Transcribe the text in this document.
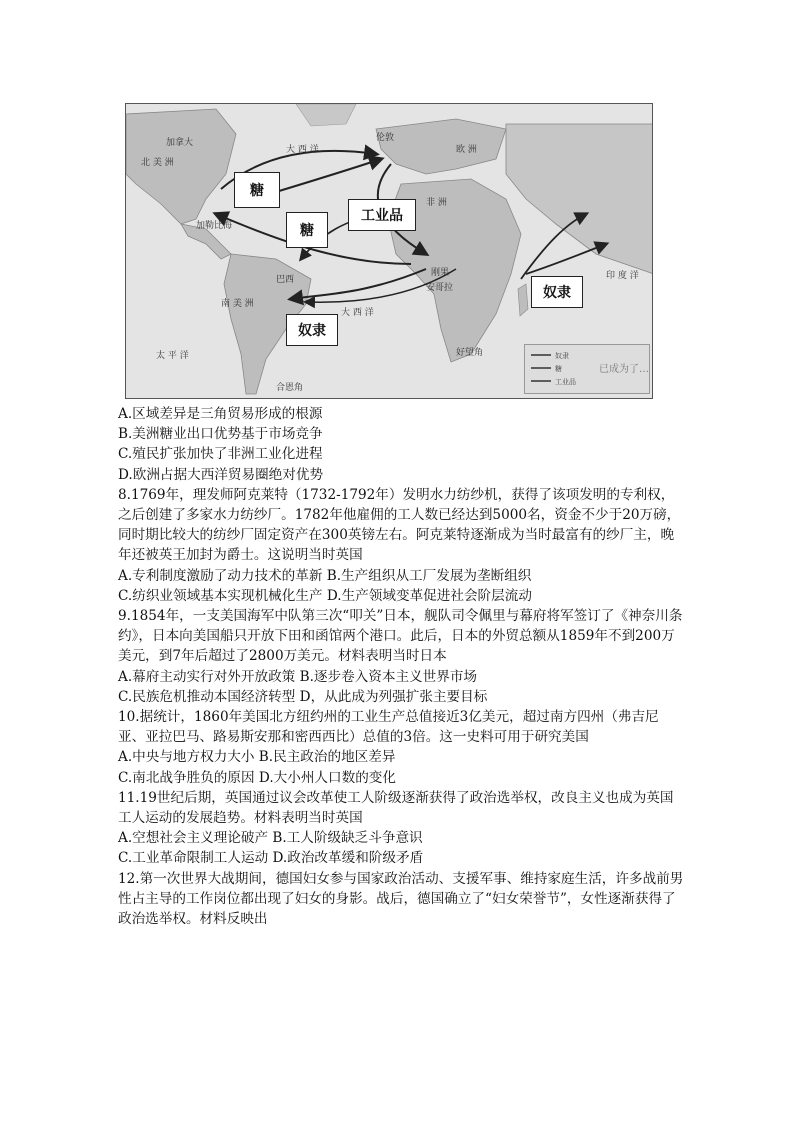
糖
糖
工业品
奴隶
奴隶
加拿大
北 美 洲
大 西 洋
伦敦
欧 洲
非 洲
加勒比海
南 美 洲
巴西
太 平 洋
大 西 洋
安哥拉
刚果	印 度 洋
好望角
合恩角
已成为了…
奴隶
糖
工业品

A.区域差异是三角贸易形成的根源

B.美洲糖业出口优势基于市场竞争

C.殖民扩张加快了非洲工业化进程

D.欧洲占据大西洋贸易圈绝对优势

8.1769年，理发师阿克莱特（1732-1792年）发明水力纺纱机，获得了该项发明的专利权，之后创建了多家水力纺纱厂。1782年他雇佣的工人数已经达到5000名，资金不少于20万磅，同时期比较大的纺纱厂固定资产在300英镑左右。阿克莱特逐渐成为当时最富有的纱厂主，晚年还被英王加封为爵士。这说明当时英国

A.专利制度激励了动力技术的革新 B.生产组织从工厂发展为垄断组织

C.纺织业领域基本实现机械化生产 D.生产领域变革促进社会阶层流动

9.1854年，一支美国海军中队第三次“叩关”日本，舰队司令佩里与幕府将军签订了《神奈川条约》，日本向美国船只开放下田和函馆两个港口。此后，日本的外贸总额从1859年不到200万美元，到7年后超过了2800万美元。材料表明当时日本

A.幕府主动实行对外开放政策 B.逐步卷入资本主义世界市场

C.民族危机推动本国经济转型 D，从此成为列强扩张主要目标

10.据统计，1860年美国北方纽约州的工业生产总值接近3亿美元，超过南方四州（弗吉尼亚、亚拉巴马、路易斯安那和密西西比）总值的3倍。这一史料可用于研究美国

A.中央与地方权力大小 B.民主政治的地区差异

C.南北战争胜负的原因 D.大小州人口数的变化

11.19世纪后期，英国通过议会改革使工人阶级逐渐获得了政治选举权，改良主义也成为英国工人运动的发展趋势。材料表明当时英国

A.空想社会主义理论破产 B.工人阶级缺乏斗争意识

C.工业革命限制工人运动 D.政治改革缓和阶级矛盾

12.第一次世界大战期间，德国妇女参与国家政治活动、支援军事、维持家庭生活，许多战前男性占主导的工作岗位都出现了妇女的身影。战后，德国确立了“妇女荣誉节”，女性逐渐获得了政治选举权。材料反映出
